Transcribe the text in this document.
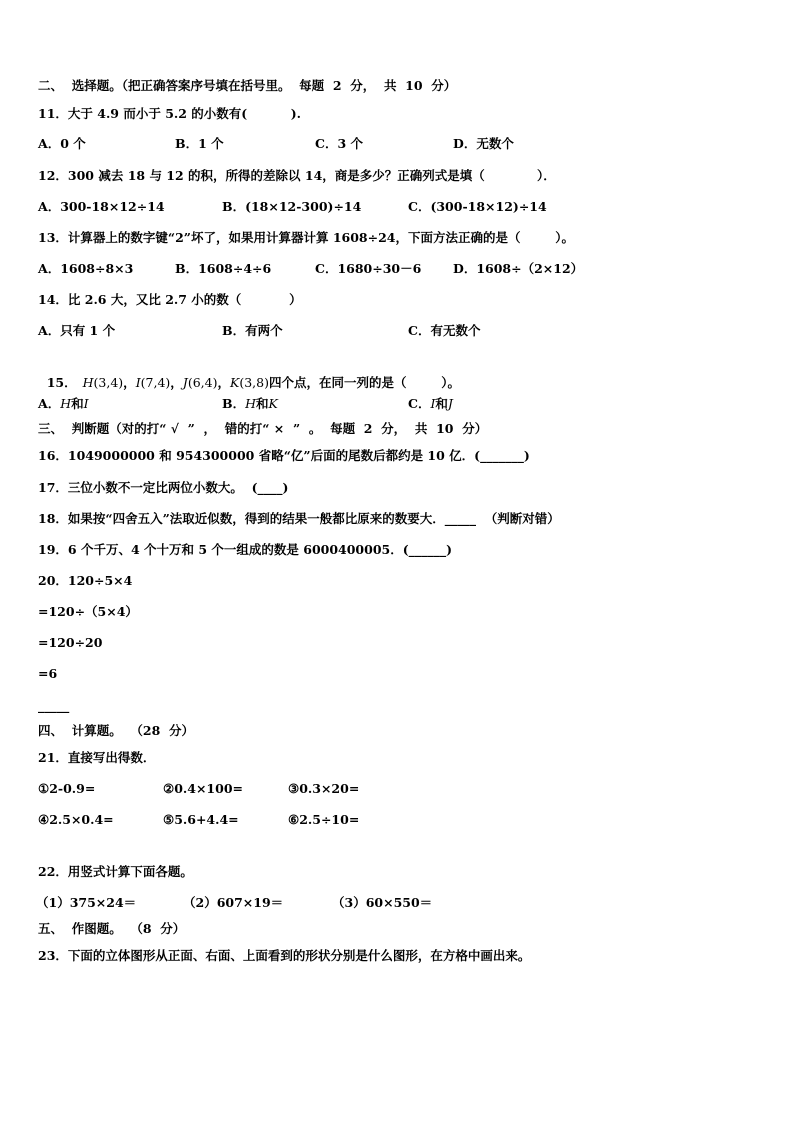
二、  选择题。（把正确答案序号填在括号里。  每题  2  分，  共  10  分）
11．大于 4.9 而小于 5.2 的小数有(          ).
A．0 个	B．1 个	C．3 个	D．无数个
12．300 减去 18 与 12 的积，所得的差除以 14，商是多少？正确列式是填（            ）．
A．300-18×12÷14	B．(18×12-300)÷14	C．(300-18×12)÷14
13．计算器上的数字键“2”坏了，如果用计算器计算 1608÷24，下面方法正确的是（        ）。
A．1608÷8×3	B．1608÷4÷6	C．1680÷30－6	D．1608÷（2×12）
14．比 2.6 大，又比 2.7 小的数（           ）
A．只有 1 个	B．有两个	C．有无数个

15． H(3,4)，I(7,4)，J(6,4)，K(3,8)四个点，在同一列的是（        ）。

A．H和I	B．H和K	C．I和J
三、  判断题（对的打“ √  ”  ，  错的打“ ×  ”  。  每题  2  分，  共  10  分）
16．1049000000 和 954300000 省略“亿”后面的尾数后都约是 10 亿．(_______)
17．三位小数不一定比两位小数大。  (____)
18．如果按“四舍五入”法取近似数，得到的结果一般都比原来的数要大．_____  （判断对错）
19．6 个千万、4 个十万和 5 个一组成的数是 6000400005．(______)
20．120÷5×4
=120÷（5×4）
=120÷20
=6
_____
四、  计算题。  （28  分）
21．直接写出得数．
①2-0.9=	②0.4×100=	③0.3×20=
④2.5×0.4=	⑤5.6+4.4=	⑥2.5÷10=
22．用竖式计算下面各题。
（1）375×24＝	（2）607×19＝	（3）60×550＝
五、  作图题。  （8  分）
23．下面的立体图形从正面、右面、上面看到的形状分别是什么图形，在方格中画出来。
